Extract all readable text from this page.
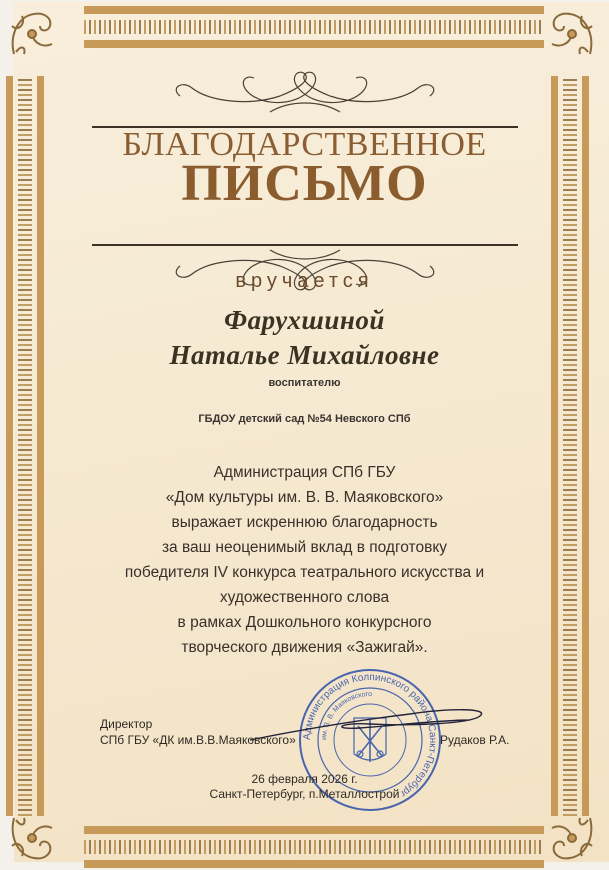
БЛАГОДАРСТВЕННОЕ
ПИСЬМО
вручается
Фарухшиной
Наталье Михайловне
воспитателю
ГБДОУ детский сад №54 Невского СПб
Администрация СПб ГБУ
«Дом культуры им. В. В. Маяковского»
выражает искреннюю благодарность
за ваш неоценимый вклад в подготовку
победителя IV конкурса театрального искусства и
художественного слова
в рамках Дошкольного конкурсного
творческого движения «Зажигай».
Администрация Колпинского района Санкт-Петербург
им. В. В. Маяковского
Директор
СПб ГБУ «ДК им.В.В.Маяковского»	Рудаков Р.А.
26 февраля 2026 г.
Санкт-Петербург, п.Металлострой
